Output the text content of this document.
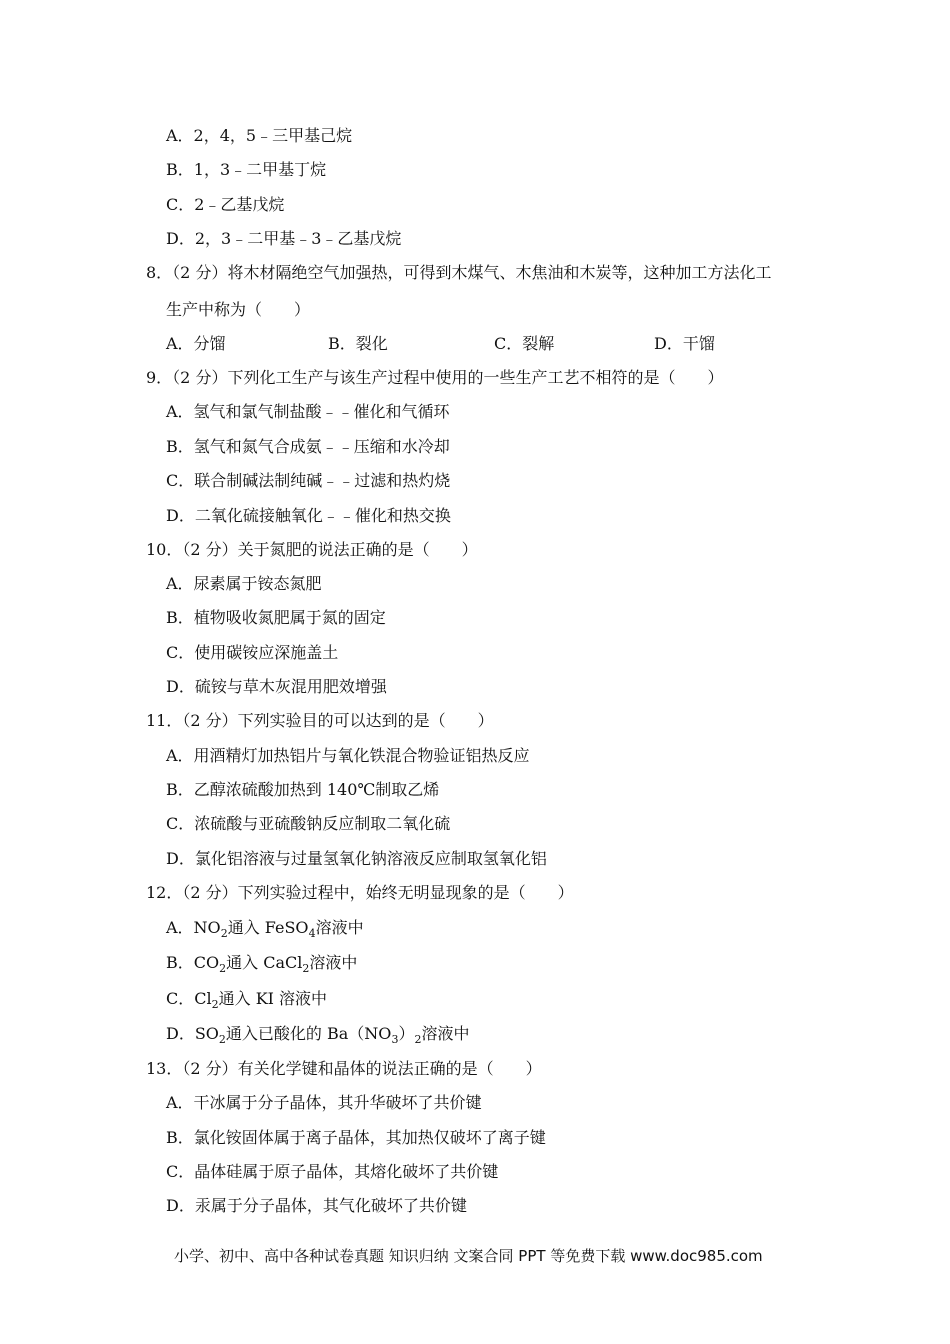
A．2，4，5﹣三甲基己烷
B．1，3﹣二甲基丁烷
C．2﹣乙基戊烷
D．2，3﹣二甲基﹣3﹣乙基戊烷
8．（2 分）将木材隔绝空气加强热，可得到木煤气、木焦油和木炭等，这种加工方法化工
生产中称为（　　）
A．分馏	B．裂化	C．裂解	D．干馏
9．（2 分）下列化工生产与该生产过程中使用的一些生产工艺不相符的是（　　）
A．氢气和氯气制盐酸﹣﹣催化和气循环
B．氢气和氮气合成氨﹣﹣压缩和水冷却
C．联合制碱法制纯碱﹣﹣过滤和热灼烧
D．二氧化硫接触氧化﹣﹣催化和热交换
10．（2 分）关于氮肥的说法正确的是（　　）
A．尿素属于铵态氮肥
B．植物吸收氮肥属于氮的固定
C．使用碳铵应深施盖土
D．硫铵与草木灰混用肥效增强
11．（2 分）下列实验目的可以达到的是（　　）
A．用酒精灯加热铝片与氧化铁混合物验证铝热反应
B．乙醇浓硫酸加热到 140℃制取乙烯
C．浓硫酸与亚硫酸钠反应制取二氧化硫
D．氯化铝溶液与过量氢氧化钠溶液反应制取氢氧化铝
12．（2 分）下列实验过程中，始终无明显现象的是（　　）
A．$NO_2$通入 FeSO$_4$溶液中
B．$CO_2$通入 CaCl$_2$溶液中
C．$Cl_2$通入 KI 溶液中
D．$SO_2$通入已酸化的 $Ba(NO_3)_2$溶液中
13．（2 分）有关化学键和晶体的说法正确的是（　　）
A．干冰属于分子晶体，其升华破坏了共价键
B．氯化铵固体属于离子晶体，其加热仅破坏了离子键
C．晶体硅属于原子晶体，其熔化破坏了共价键
D．汞属于分子晶体，其气化破坏了共价键
小学、初中、高中各种试卷真题 知识归纳 文案合同 PPT 等免费下载 www.doc985.com
